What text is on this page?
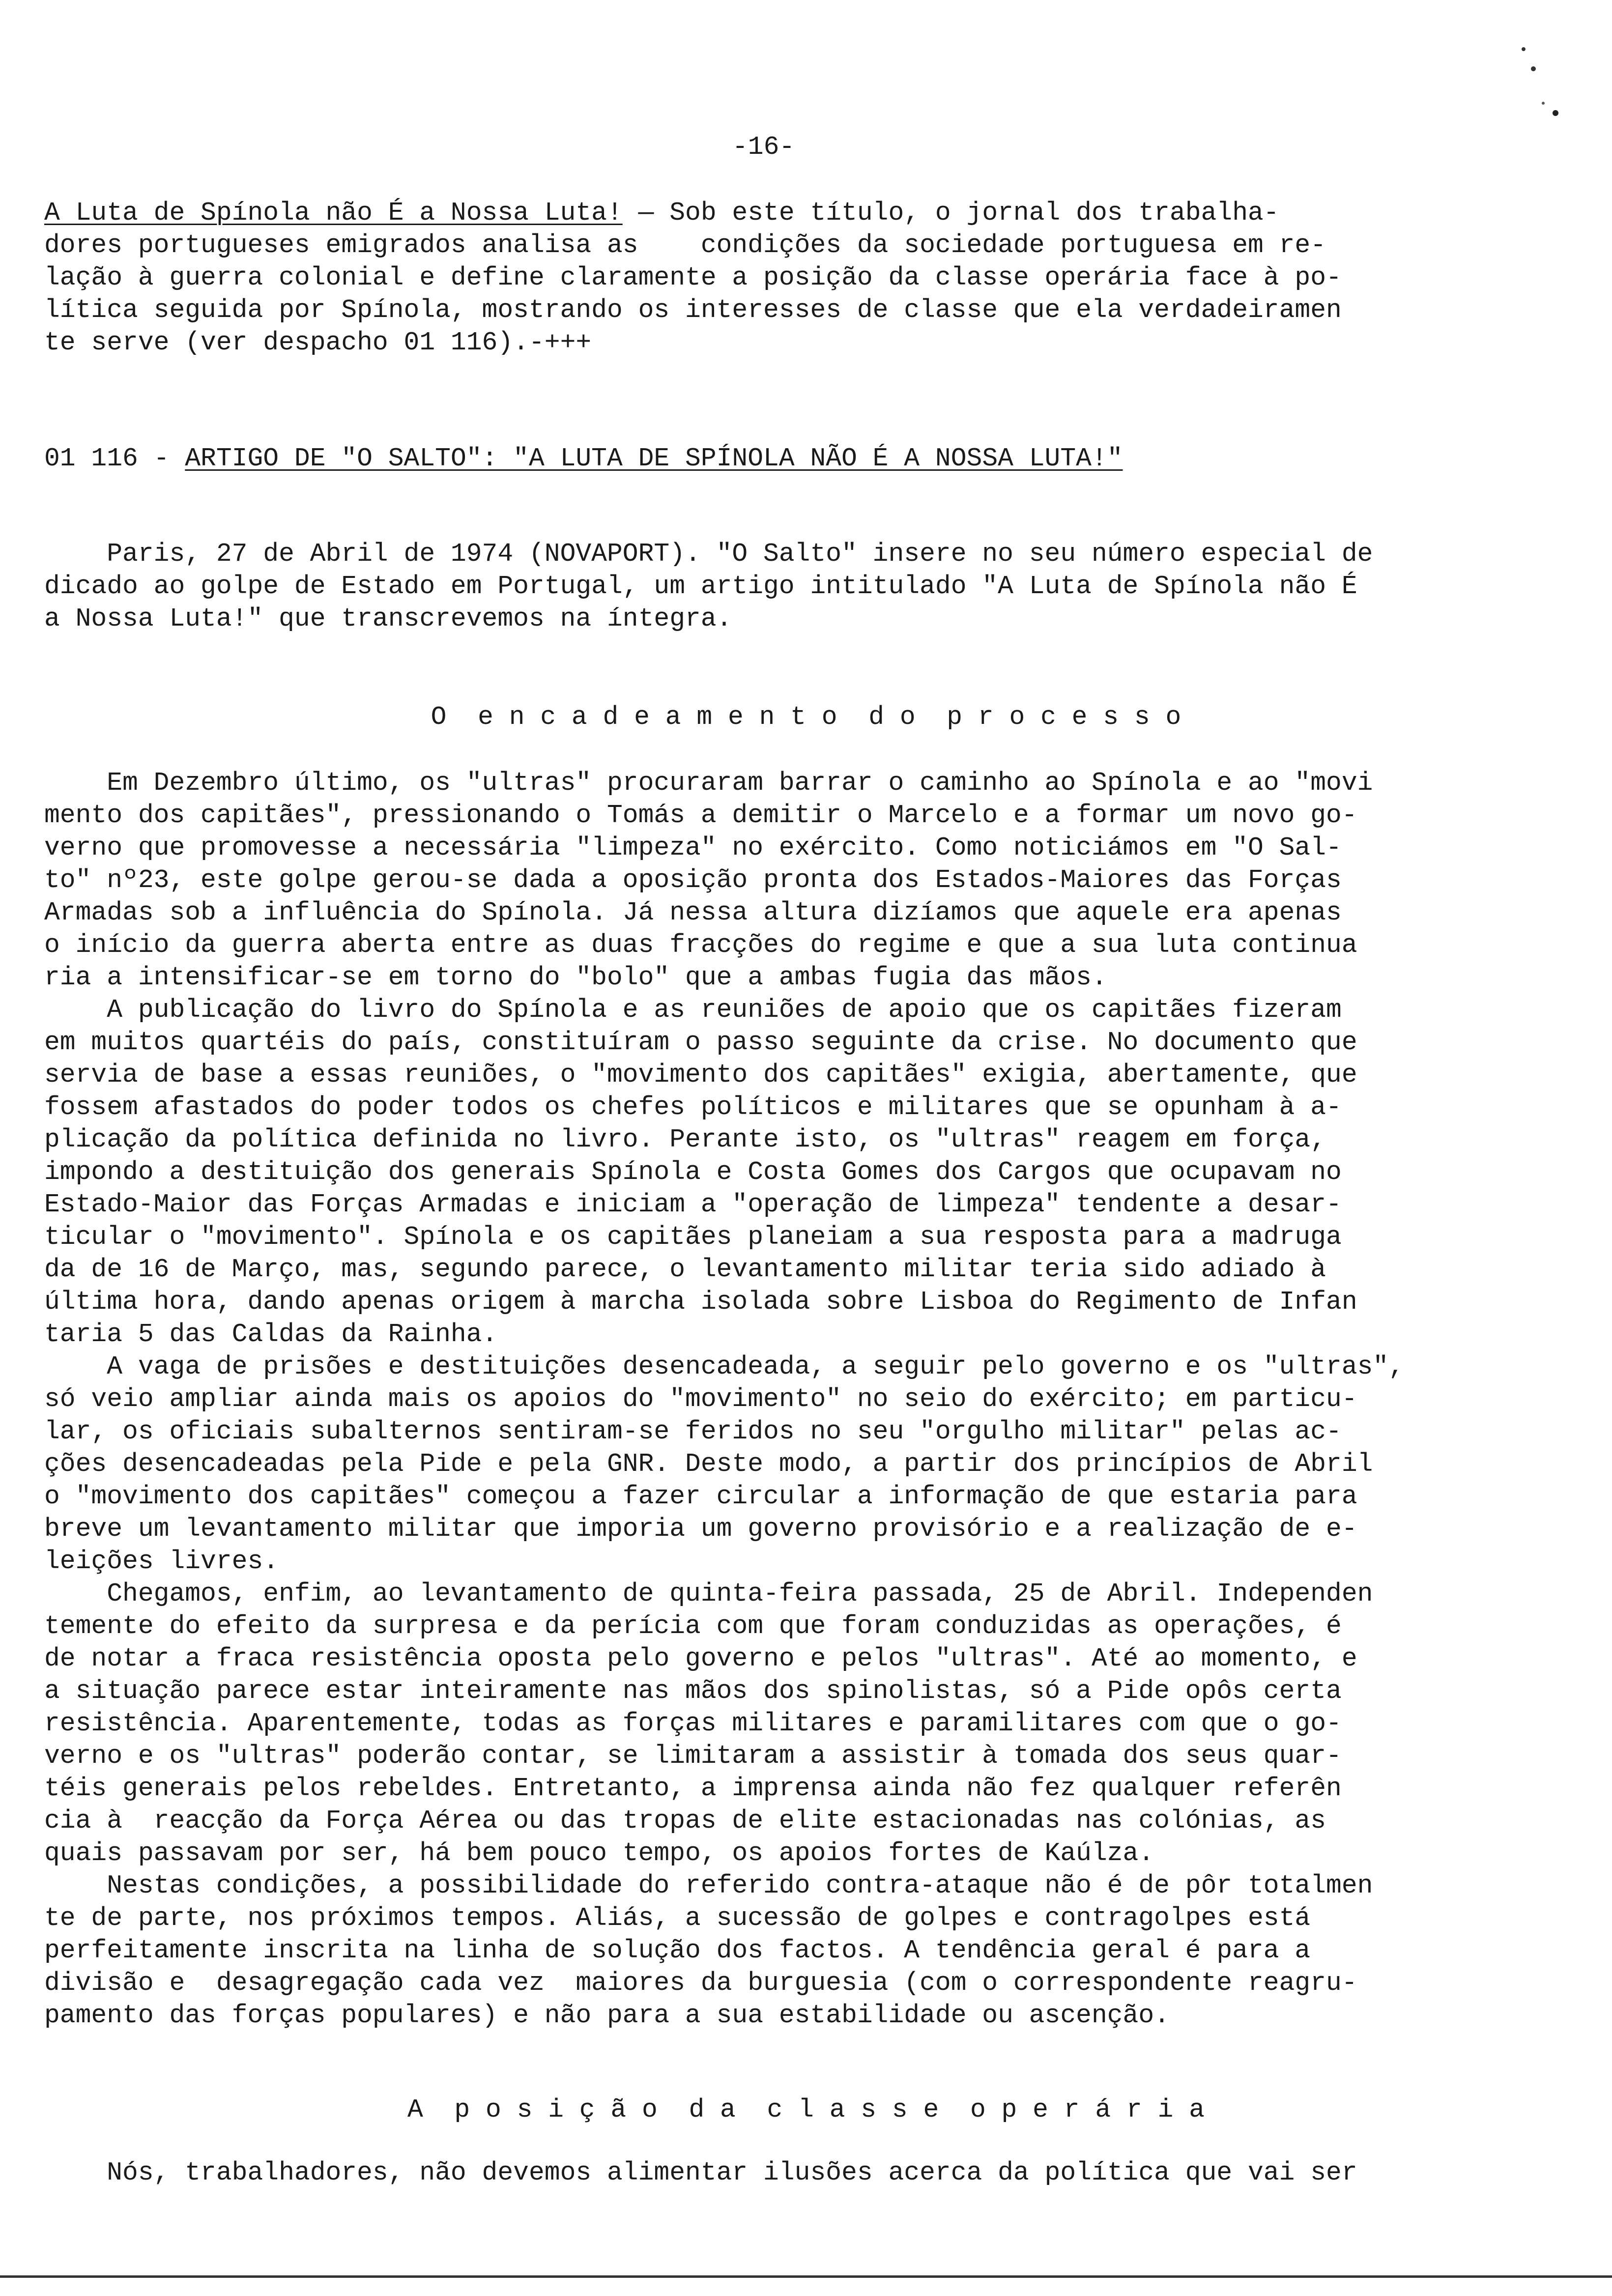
-16-
A Luta de Spínola não É a Nossa Luta! — Sob este título, o jornal dos trabalha-
dores portugueses emigrados analisa as    condições da sociedade portuguesa em re-
lação à guerra colonial e define claramente a posição da classe operária face à po-
lítica seguida por Spínola, mostrando os interesses de classe que ela verdadeiramen
te serve (ver despacho 01 116).-+++
01 116 - ARTIGO DE "O SALTO": "A LUTA DE SPÍNOLA NÃO É A NOSSA LUTA!"
Paris, 27 de Abril de 1974 (NOVAPORT). "O Salto" insere no seu número especial de
dicado ao golpe de Estado em Portugal, um artigo intitulado "A Luta de Spínola não É
a Nossa Luta!" que transcrevemos na íntegra.
O  e n c a d e a m e n t o  d o  p r o c e s s o
Em Dezembro último, os "ultras" procuraram barrar o caminho ao Spínola e ao "movi
mento dos capitães", pressionando o Tomás a demitir o Marcelo e a formar um novo go-
verno que promovesse a necessária "limpeza" no exército. Como noticiámos em "O Sal-
to" nº23, este golpe gerou-se dada a oposição pronta dos Estados-Maiores das Forças
Armadas sob a influência do Spínola. Já nessa altura dizíamos que aquele era apenas
o início da guerra aberta entre as duas fracções do regime e que a sua luta continua
ria a intensificar-se em torno do "bolo" que a ambas fugia das mãos.
A publicação do livro do Spínola e as reuniões de apoio que os capitães fizeram
em muitos quartéis do país, constituíram o passo seguinte da crise. No documento que
servia de base a essas reuniões, o "movimento dos capitães" exigia, abertamente, que
fossem afastados do poder todos os chefes políticos e militares que se opunham à a-
plicação da política definida no livro. Perante isto, os "ultras" reagem em força,
impondo a destituição dos generais Spínola e Costa Gomes dos Cargos que ocupavam no
Estado-Maior das Forças Armadas e iniciam a "operação de limpeza" tendente a desar-
ticular o "movimento". Spínola e os capitães planeiam a sua resposta para a madruga
da de 16 de Março, mas, segundo parece, o levantamento militar teria sido adiado à
última hora, dando apenas origem à marcha isolada sobre Lisboa do Regimento de Infan
taria 5 das Caldas da Rainha.
A vaga de prisões e destituições desencadeada, a seguir pelo governo e os "ultras",
só veio ampliar ainda mais os apoios do "movimento" no seio do exército; em particu-
lar, os oficiais subalternos sentiram-se feridos no seu "orgulho militar" pelas ac-
ções desencadeadas pela Pide e pela GNR. Deste modo, a partir dos princípios de Abril
o "movimento dos capitães" começou a fazer circular a informação de que estaria para
breve um levantamento militar que imporia um governo provisório e a realização de e-
leições livres.
Chegamos, enfim, ao levantamento de quinta-feira passada, 25 de Abril. Independen
temente do efeito da surpresa e da perícia com que foram conduzidas as operações, é
de notar a fraca resistência oposta pelo governo e pelos "ultras". Até ao momento, e
a situação parece estar inteiramente nas mãos dos spinolistas, só a Pide opôs certa
resistência. Aparentemente, todas as forças militares e paramilitares com que o go-
verno e os "ultras" poderão contar, se limitaram a assistir à tomada dos seus quar-
téis generais pelos rebeldes. Entretanto, a imprensa ainda não fez qualquer referên
cia à  reacção da Força Aérea ou das tropas de elite estacionadas nas colónias, as
quais passavam por ser, há bem pouco tempo, os apoios fortes de Kaúlza.
Nestas condições, a possibilidade do referido contra-ataque não é de pôr totalmen
te de parte, nos próximos tempos. Aliás, a sucessão de golpes e contragolpes está
perfeitamente inscrita na linha de solução dos factos. A tendência geral é para a
divisão e  desagregação cada vez  maiores da burguesia (com o correspondente reagru-
pamento das forças populares) e não para a sua estabilidade ou ascenção.
A  p o s i ç ã o  d a  c l a s s e  o p e r á r i a
Nós, trabalhadores, não devemos alimentar ilusões acerca da política que vai ser
